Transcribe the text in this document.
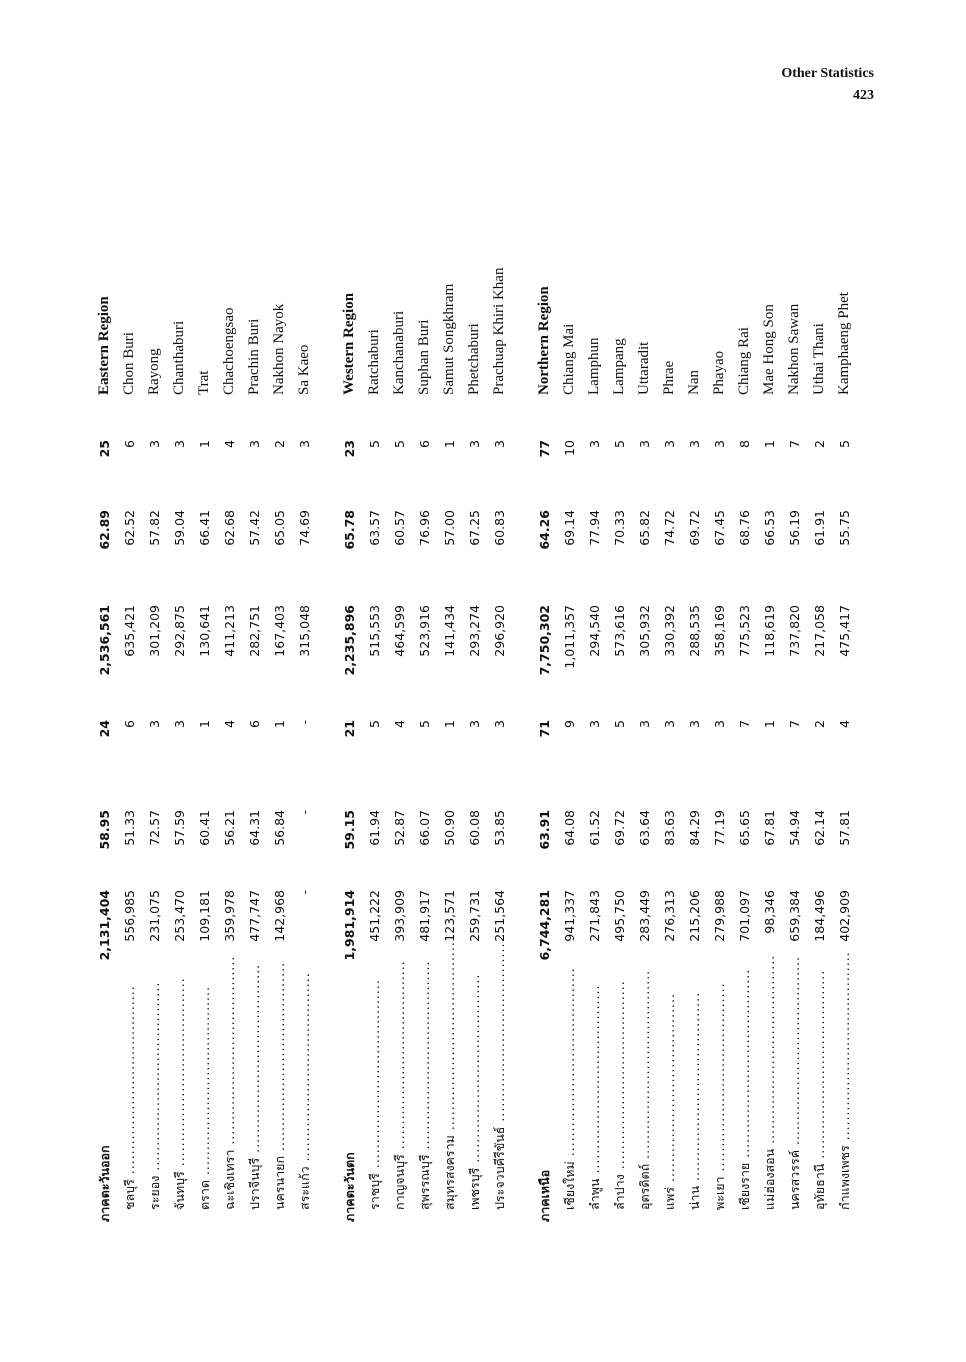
Other Statistics
423
ภาคตะวันออก	2,131,404	58.95	24	2,536,561	62.89	25	Eastern Region
ชลบุรี .....	556,985	51.33	6	635,421	62.52	6	Chon Buri
ระยอง .....	231,075	72.57	3	301,209	57.82	3	Rayong
จันทบุรี .....	253,470	57.59	3	292,875	59.04	3	Chanthaburi
ตราด .....	109,181	60.41	1	130,641	66.41	1	Trat
ฉะเชิงเทรา .....	359,978	56.21	4	411,213	62.68	4	Chachoengsao
ปราจีนบุรี .....	477,747	64.31	6	282,751	57.42	3	Prachin Buri
นครนายก .....	142,968	56.84	1	167,403	65.05	2	Nakhon Nayok
สระแก้ว .....	-	-	-	315,048	74.69	3	Sa Kaeo

ภาคตะวันตก	1,981,914	59.15	21	2,235,896	65.78	23	Western Region
ราชบุรี .....	451,222	61.94	5	515,553	63.57	5	Ratchaburi
กาญจนบุรี .....	393,909	52.87	4	464,599	60.57	5	Kanchanaburi
สุพรรณบุรี .....	481,917	66.07	5	523,916	76.96	6	Suphan Buri
สมุทรสงคราม .....	123,571	50.90	1	141,434	57.00	1	Samut Songkhram
เพชรบุรี .....	259,731	60.08	3	293,274	67.25	3	Phetchaburi
ประจวบคีรีขันธ์ .....	251,564	53.85	3	296,920	60.83	3	Prachuap Khiri Khan

ภาคเหนือ	6,744,281	63.91	71	7,750,302	64.26	77	Northern Region
เชียงใหม่ .....	941,337	64.08	9	1,011,357	69.14	10	Chiang Mai
ลำพูน .....	271,843	61.52	3	294,540	77.94	3	Lamphun
ลำปาง .....	495,750	69.72	5	573,616	70.33	5	Lampang
อุตรดิตถ์ .....	283,449	63.64	3	305,932	65.82	3	Uttaradit
แพร่ .....	276,313	83.63	3	330,392	74.72	3	Phrae
น่าน .....	215,206	84.29	3	288,535	69.72	3	Nan
พะเยา .....	279,988	77.19	3	358,169	67.45	3	Phayao
เชียงราย .....	701,097	65.65	7	775,523	68.76	8	Chiang Rai
แม่ฮ่องสอน .....	98,346	67.81	1	118,619	66.53	1	Mae Hong Son
นครสวรรค์ .....	659,384	54.94	7	737,820	56.19	7	Nakhon Sawan
อุทัยธานี .....	184,496	62.14	2	217,058	61.91	2	Uthai Thani
กำแพงเพชร .....	402,909	57.81	4	475,417	55.75	5	Kamphaeng Phet
